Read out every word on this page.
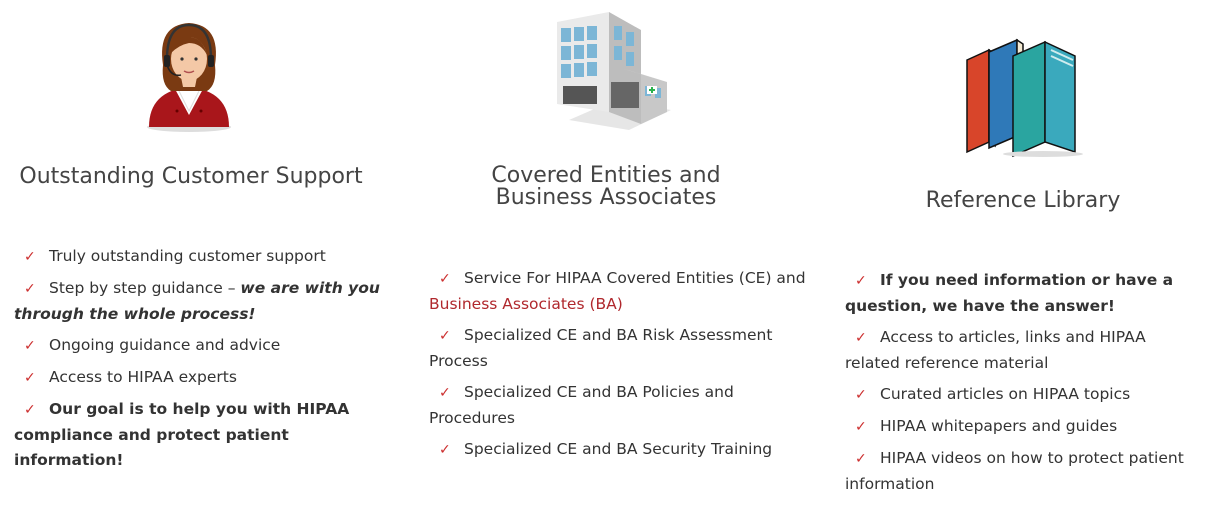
Outstanding Customer Support
✓ Truly outstanding customer support
✓ Step by step guidance – we are with you through the whole process!
✓ Ongoing guidance and advice
✓ Access to HIPAA experts
✓ Our goal is to help you with HIPAA compliance and protect patient information!
Covered Entities and
Business Associates
✓ Service For HIPAA Covered Entities (CE) and Business Associates (BA)
✓ Specialized CE and BA Risk Assessment Process
✓ Specialized CE and BA Policies and Procedures
✓ Specialized CE and BA Security Training
Reference Library
✓ If you need information or have a question, we have the answer!
✓ Access to articles, links and HIPAA related reference material
✓ Curated articles on HIPAA topics
✓ HIPAA whitepapers and guides
✓ HIPAA videos on how to protect patient information
